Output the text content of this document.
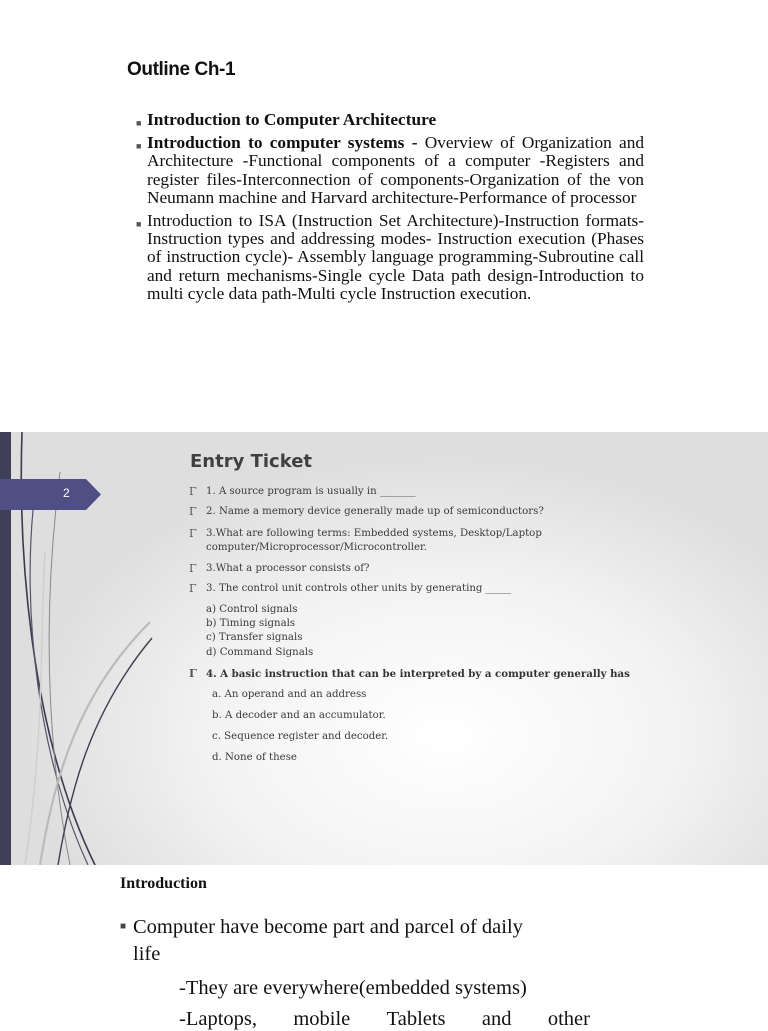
Outline Ch-1
■ Introduction to Computer Architecture
■ Introduction to computer systems - Overview of Organization and Architecture -Functional components of a computer -Registers and register files-Interconnection of components-Organization of the von Neumann machine and Harvard architecture-Performance of processor
■ Introduction to ISA (Instruction Set Architecture)-Instruction formats- Instruction types and addressing modes- Instruction execution (Phases of instruction cycle)- Assembly language programming-Subroutine call and return mechanisms-Single cycle Data path design-Introduction to multi cycle data path-Multi cycle Instruction execution.
2
Entry Ticket
Γ 1. A source program is usually in _______
Γ 2. Name a memory device generally made up of semiconductors?
Γ 3.What are following terms: Embedded systems, Desktop/Laptop
computer/Microprocessor/Microcontroller.
Γ 3.What a processor consists of?
Γ 3. The control unit controls other units by generating _____
a) Control signals
b) Timing signals
c) Transfer signals
d) Command Signals
Γ 4. A basic instruction that can be interpreted by a computer generally has
a. An operand and an address
b. A decoder and an accumulator.
c. Sequence register and decoder.
d. None of these
Introduction
■ Computer have become part and parcel of daily
life
-They are everywhere(embedded systems)
-Laptops, mobile Tablets and other
